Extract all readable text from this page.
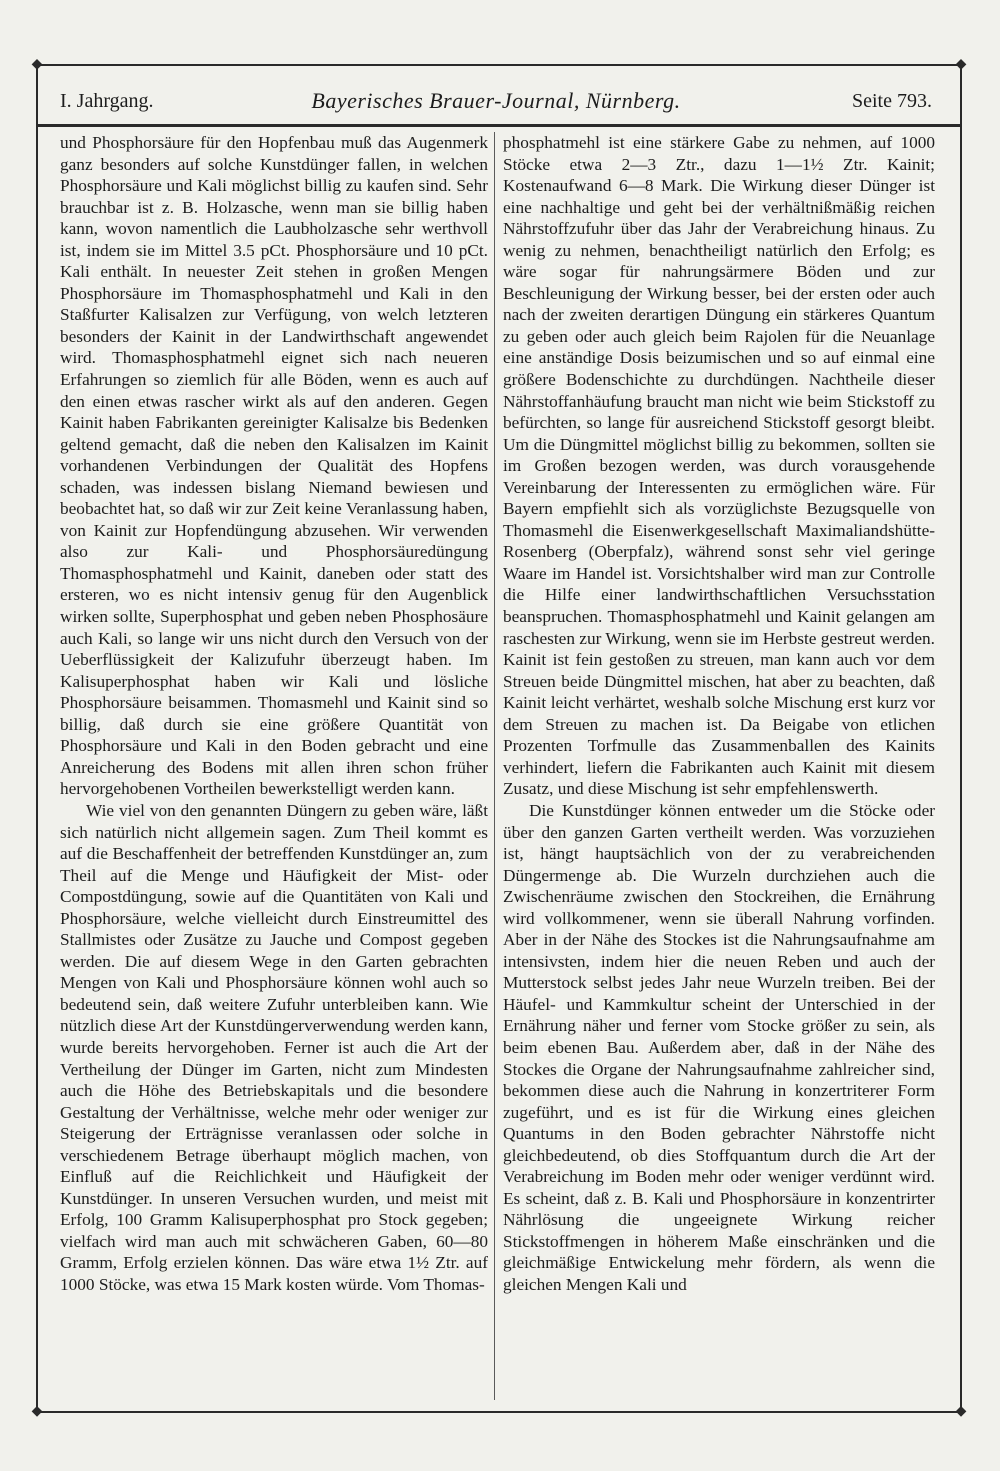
◆	◆
◆	◆
I. Jahrgang.	Bayerisches Brauer-Journal, Nürnberg.	Seite 793.

und Phosphorsäure für den Hopfenbau muß das Augenmerk ganz besonders auf solche Kunstdünger fallen, in welchen Phosphorsäure und Kali möglichst billig zu kaufen sind. Sehr brauchbar ist z. B. Holzasche, wenn man sie billig haben kann, wovon namentlich die Laubholzasche sehr werthvoll ist, indem sie im Mittel 3.5 pCt. Phosphorsäure und 10 pCt. Kali enthält. In neuester Zeit stehen in großen Mengen Phosphorsäure im Thomasphosphatmehl und Kali in den Staßfurter Kalisalzen zur Verfügung, von welch letzteren besonders der Kainit in der Landwirthschaft angewendet wird. Thomasphosphatmehl eignet sich nach neueren Erfahrungen so ziemlich für alle Böden, wenn es auch auf den einen etwas rascher wirkt als auf den anderen. Gegen Kainit haben Fabrikanten gereinigter Kalisalze bis Bedenken geltend gemacht, daß die neben den Kalisalzen im Kainit vorhandenen Verbindungen der Qualität des Hopfens schaden, was indessen bislang Niemand bewiesen und beobachtet hat, so daß wir zur Zeit keine Veranlassung haben, von Kainit zur Hopfendüngung abzusehen. Wir verwenden also zur Kali- und Phosphorsäuredüngung Thomasphosphatmehl und Kainit, daneben oder statt des ersteren, wo es nicht intensiv genug für den Augenblick wirken sollte, Superphosphat und geben neben Phosphosäure auch Kali, so lange wir uns nicht durch den Versuch von der Ueberflüssigkeit der Kalizufuhr überzeugt haben. Im Kalisuperphosphat haben wir Kali und lösliche Phosphorsäure beisammen. Thomasmehl und Kainit sind so billig, daß durch sie eine größere Quantität von Phosphorsäure und Kali in den Boden gebracht und eine Anreicherung des Bodens mit allen ihren schon früher hervorgehobenen Vortheilen bewerkstelligt werden kann.

Wie viel von den genannten Düngern zu geben wäre, läßt sich natürlich nicht allgemein sagen. Zum Theil kommt es auf die Beschaffenheit der betreffenden Kunstdünger an, zum Theil auf die Menge und Häufigkeit der Mist- oder Compostdüngung, sowie auf die Quantitäten von Kali und Phosphorsäure, welche vielleicht durch Einstreumittel des Stallmistes oder Zusätze zu Jauche und Compost gegeben werden. Die auf diesem Wege in den Garten gebrachten Mengen von Kali und Phosphorsäure können wohl auch so bedeutend sein, daß weitere Zufuhr unterbleiben kann. Wie nützlich diese Art der Kunstdüngerverwendung werden kann, wurde bereits hervorgehoben. Ferner ist auch die Art der Vertheilung der Dünger im Garten, nicht zum Mindesten auch die Höhe des Betriebskapitals und die besondere Gestaltung der Verhältnisse, welche mehr oder weniger zur Steigerung der Erträgnisse veranlassen oder solche in verschiedenem Betrage überhaupt möglich machen, von Einfluß auf die Reichlichkeit und Häufigkeit der Kunstdünger. In unseren Versuchen wurden, und meist mit Erfolg, 100 Gramm Kalisuperphosphat pro Stock gegeben; vielfach wird man auch mit schwächeren Gaben, 60—80 Gramm, Erfolg erzielen können. Das wäre etwa 1½ Ztr. auf 1000 Stöcke, was etwa 15 Mark kosten würde. Vom Thomas-

phosphatmehl ist eine stärkere Gabe zu nehmen, auf 1000 Stöcke etwa 2—3 Ztr., dazu 1—1½ Ztr. Kainit; Kostenaufwand 6—8 Mark. Die Wirkung dieser Dünger ist eine nachhaltige und geht bei der verhältnißmäßig reichen Nährstoffzufuhr über das Jahr der Verabreichung hinaus. Zu wenig zu nehmen, benachtheiligt natürlich den Erfolg; es wäre sogar für nahrungsärmere Böden und zur Beschleunigung der Wirkung besser, bei der ersten oder auch nach der zweiten derartigen Düngung ein stärkeres Quantum zu geben oder auch gleich beim Rajolen für die Neuanlage eine anständige Dosis beizumischen und so auf einmal eine größere Bodenschichte zu durchdüngen. Nachtheile dieser Nährstoffanhäufung braucht man nicht wie beim Stickstoff zu befürchten, so lange für ausreichend Stickstoff gesorgt bleibt. Um die Düngmittel möglichst billig zu bekommen, sollten sie im Großen bezogen werden, was durch vorausgehende Vereinbarung der Interessenten zu ermöglichen wäre. Für Bayern empfiehlt sich als vorzüglichste Bezugsquelle von Thomasmehl die Eisenwerkgesellschaft Maximaliandshütte-Rosenberg (Oberpfalz), während sonst sehr viel geringe Waare im Handel ist. Vorsichtshalber wird man zur Controlle die Hilfe einer landwirthschaftlichen Versuchsstation beanspruchen. Thomasphosphatmehl und Kainit gelangen am raschesten zur Wirkung, wenn sie im Herbste gestreut werden. Kainit ist fein gestoßen zu streuen, man kann auch vor dem Streuen beide Düngmittel mischen, hat aber zu beachten, daß Kainit leicht verhärtet, weshalb solche Mischung erst kurz vor dem Streuen zu machen ist. Da Beigabe von etlichen Prozenten Torfmulle das Zusammenballen des Kainits verhindert, liefern die Fabrikanten auch Kainit mit diesem Zusatz, und diese Mischung ist sehr empfehlenswerth.

Die Kunstdünger können entweder um die Stöcke oder über den ganzen Garten vertheilt werden. Was vorzuziehen ist, hängt hauptsächlich von der zu verabreichenden Düngermenge ab. Die Wurzeln durchziehen auch die Zwischenräume zwischen den Stockreihen, die Ernährung wird vollkommener, wenn sie überall Nahrung vorfinden. Aber in der Nähe des Stockes ist die Nahrungsaufnahme am intensivsten, indem hier die neuen Reben und auch der Mutterstock selbst jedes Jahr neue Wurzeln treiben. Bei der Häufel- und Kammkultur scheint der Unterschied in der Ernährung näher und ferner vom Stocke größer zu sein, als beim ebenen Bau. Außerdem aber, daß in der Nähe des Stockes die Organe der Nahrungsaufnahme zahlreicher sind, bekommen diese auch die Nahrung in konzertriterer Form zugeführt, und es ist für die Wirkung eines gleichen Quantums in den Boden gebrachter Nährstoffe nicht gleichbedeutend, ob dies Stoffquantum durch die Art der Verabreichung im Boden mehr oder weniger verdünnt wird. Es scheint, daß z. B. Kali und Phosphorsäure in konzentrirter Nährlösung die ungeeignete Wirkung reicher Stickstoffmengen in höherem Maße einschränken und die gleichmäßige Entwickelung mehr fördern, als wenn die gleichen Mengen Kali und
